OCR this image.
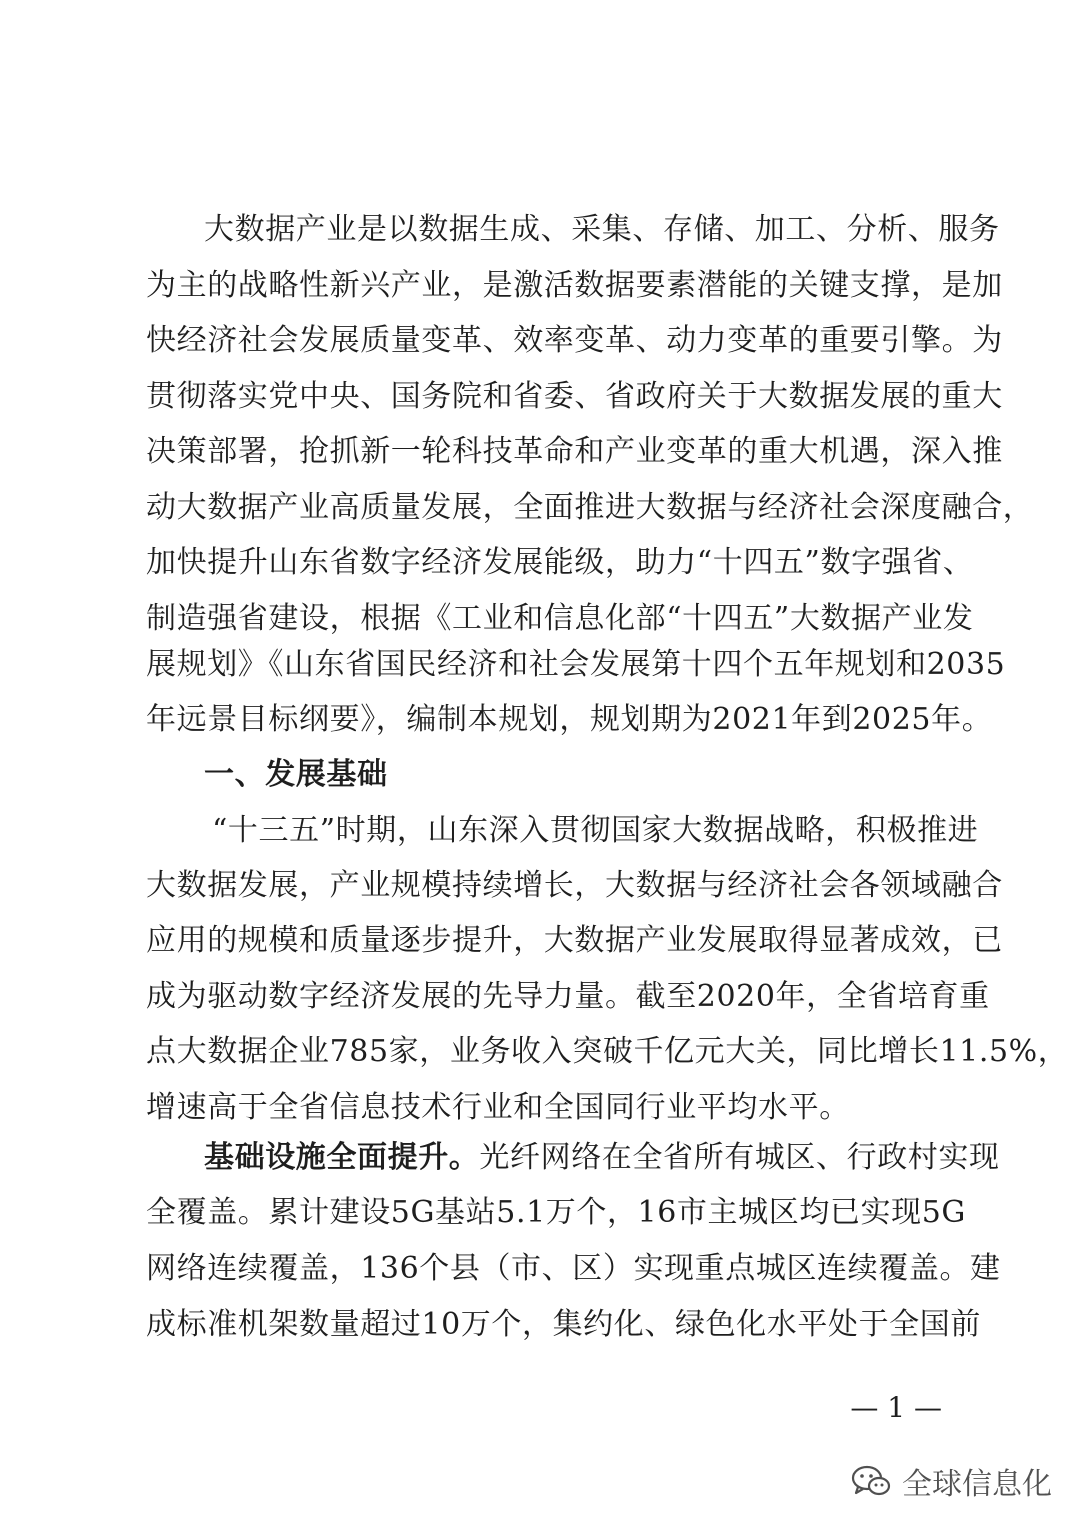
大数据产业是以数据生成、采集、存储、加工、分析、服务
为主的战略性新兴产业，是激活数据要素潜能的关键支撑，是加
快经济社会发展质量变革、效率变革、动力变革的重要引擎。为
贯彻落实党中央、国务院和省委、省政府关于大数据发展的重大
决策部署，抢抓新一轮科技革命和产业变革的重大机遇，深入推
动大数据产业高质量发展，全面推进大数据与经济社会深度融合，
加快提升山东省数字经济发展能级，助力“十四五”数字强省、
制造强省建设，根据《工业和信息化部“十四五”大数据产业发
展规划》《山东省国民经济和社会发展第十四个五年规划和2035
年远景目标纲要》，编制本规划，规划期为2021年到2025年。
一、发展基础
“十三五”时期，山东深入贯彻国家大数据战略，积极推进
大数据发展，产业规模持续增长，大数据与经济社会各领域融合
应用的规模和质量逐步提升，大数据产业发展取得显著成效，已
成为驱动数字经济发展的先导力量。截至2020年，全省培育重
点大数据企业785家，业务收入突破千亿元大关，同比增长11.5%，
增速高于全省信息技术行业和全国同行业平均水平。
基础设施全面提升。光纤网络在全省所有城区、行政村实现
全覆盖。累计建设5G基站5.1万个，16市主城区均已实现5G
网络连续覆盖，136个县（市、区）实现重点城区连续覆盖。建
成标准机架数量超过10万个，集约化、绿色化水平处于全国前
— 1 —
全球信息化
